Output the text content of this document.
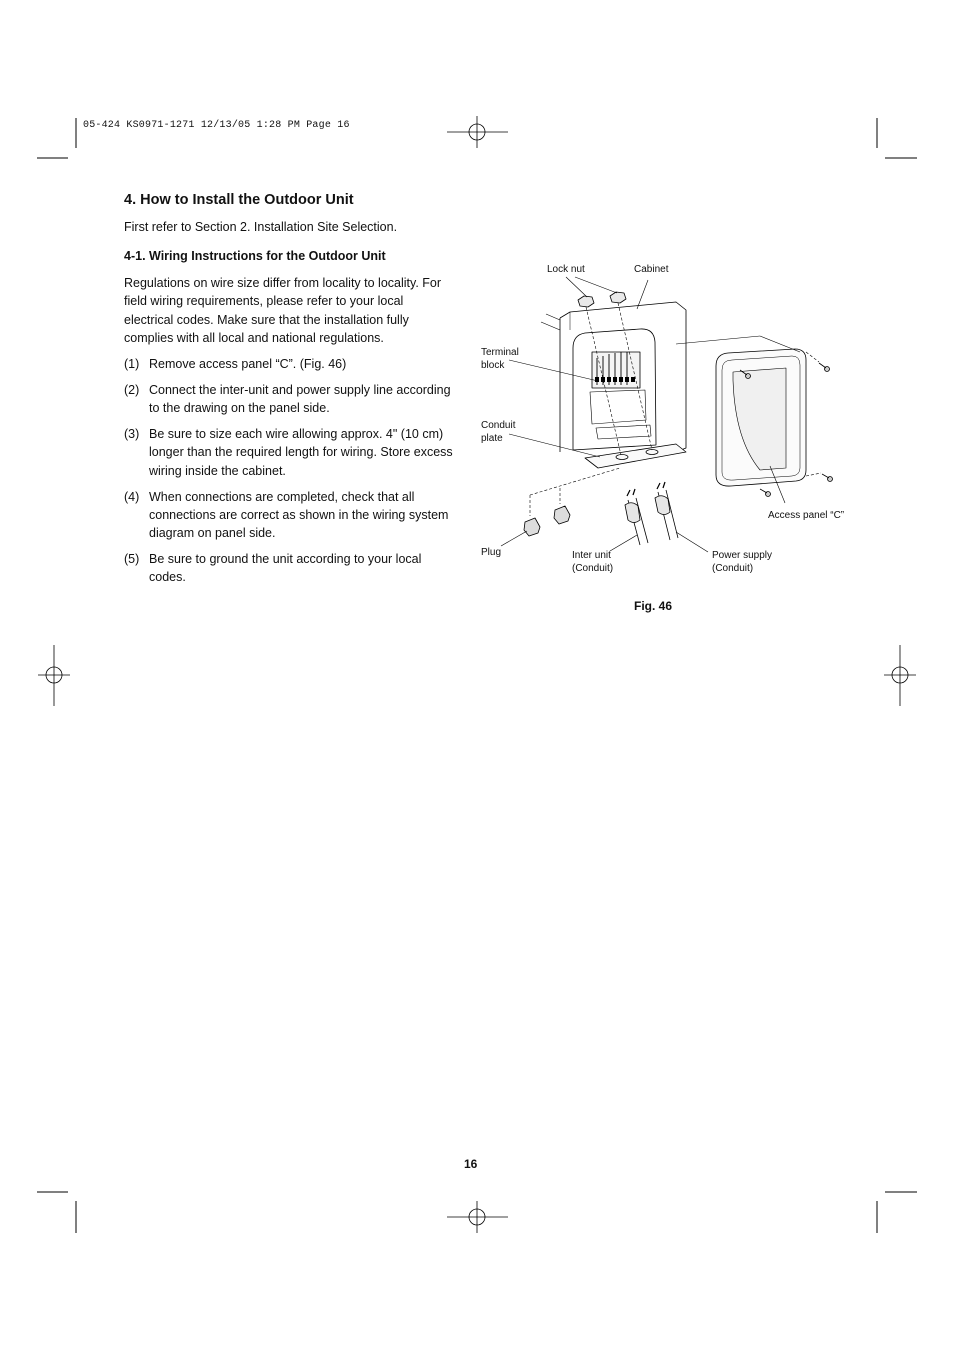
05-424 KS0971-1271 12/13/05 1:28 PM Page 16
4. How to Install the Outdoor Unit
First refer to Section 2. Installation Site Selection.
4-1. Wiring Instructions for the Outdoor Unit
Regulations on wire size differ from locality to locality. For field wiring requirements, please refer to your local electrical codes. Make sure that the installation fully complies with all local and national regulations.
(1) Remove access panel “C”. (Fig. 46)
(2) Connect the inter-unit and power supply line according to the drawing on the panel side.
(3) Be sure to size each wire allowing approx. 4" (10 cm) longer than the required length for wiring. Store excess wiring inside the cabinet.
(4) When connections are completed, check that all connections are correct as shown in the wiring system diagram on panel side.
(5) Be sure to ground the unit according to your local codes.
Lock nut	Cabinet
Terminal
block
Conduit
plate
Access panel “C”
Plug	Inter unit
(Conduit)
Power supply
(Conduit)
Fig. 46
16
